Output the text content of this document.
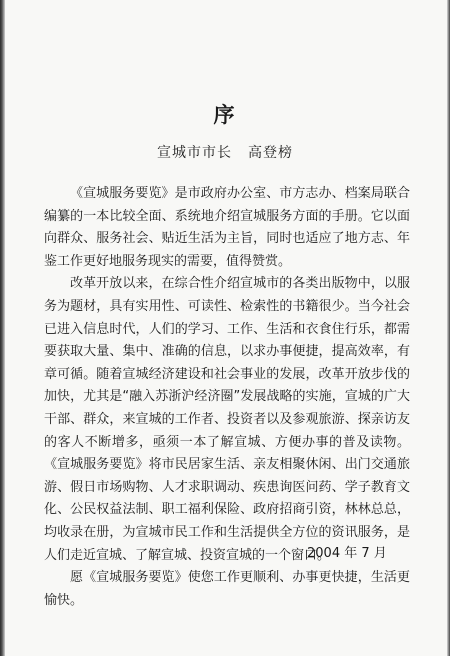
序
宣城市市长 高登榜

《宣城服务要览》是市政府办公室、市方志办、档案局联合编纂的一本比较全面、系统地介绍宣城服务方面的手册。它以面向群众、服务社会、贴近生活为主旨，同时也适应了地方志、年鉴工作更好地服务现实的需要，值得赞赏。

改革开放以来，在综合性介绍宣城市的各类出版物中，以服务为题材，具有实用性、可读性、检索性的书籍很少。当今社会已进入信息时代，人们的学习、工作、生活和衣食住行乐，都需要获取大量、集中、准确的信息，以求办事便捷，提高效率，有章可循。随着宣城经济建设和社会事业的发展，改革开放步伐的加快，尤其是“融入苏浙沪经济圈”发展战略的实施，宣城的广大干部、群众，来宣城的工作者、投资者以及参观旅游、探亲访友的客人不断增多，亟须一本了解宣城、方便办事的普及读物。《宣城服务要览》将市民居家生活、亲友相聚休闲、出门交通旅游、假日市场购物、人才求职调动、疾患询医问药、学子教育文化、公民权益法制、职工福利保险、政府招商引资，林林总总，均收录在册，为宣城市民工作和生活提供全方位的资讯服务，是人们走近宣城、了解宣城、投资宣城的一个窗口。

愿《宣城服务要览》使您工作更顺利、办事更快捷，生活更愉快。

2004 年 7 月
